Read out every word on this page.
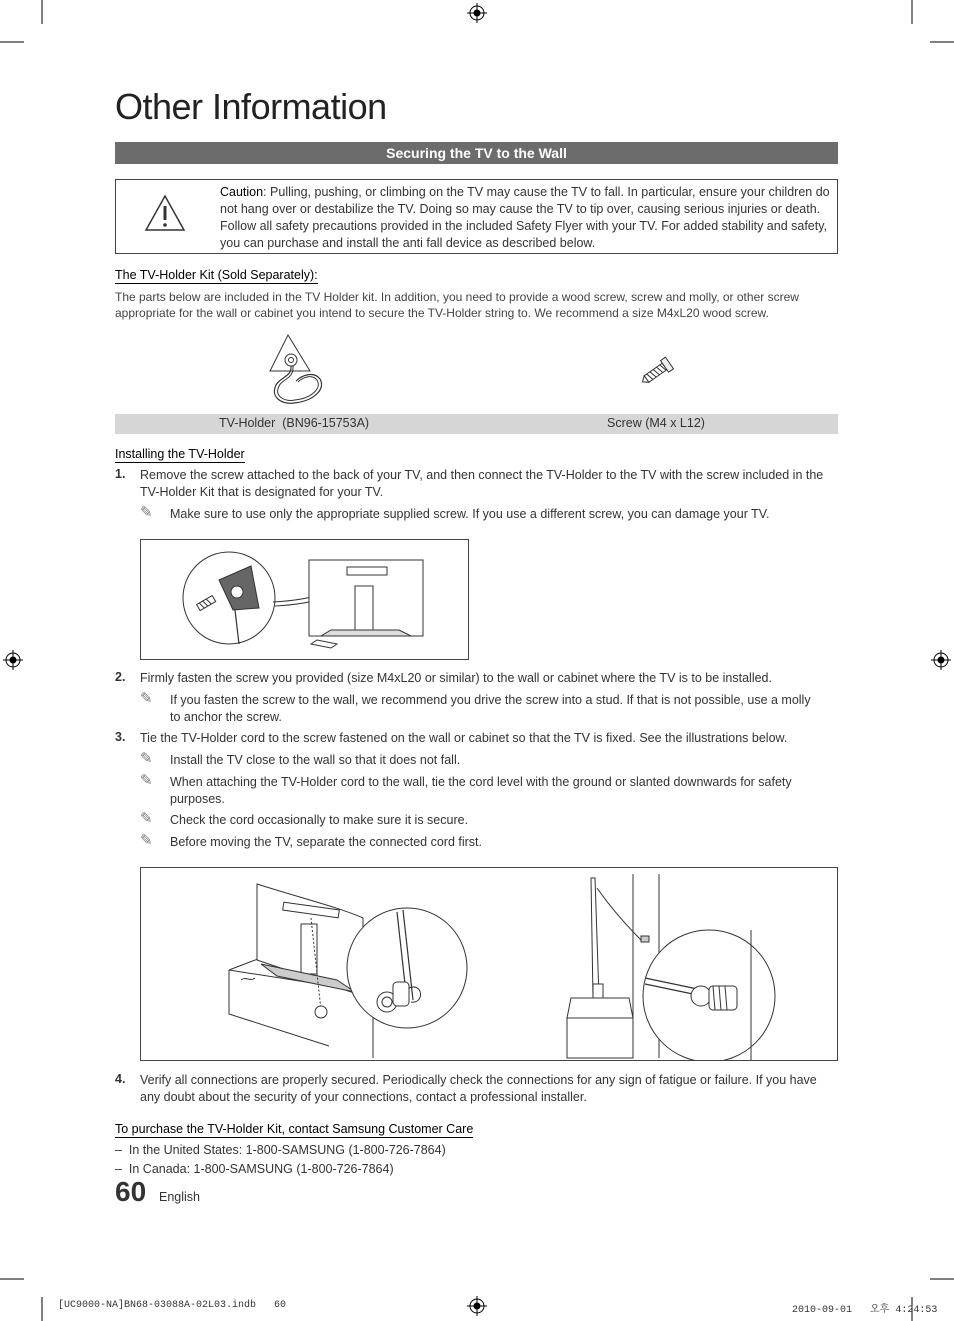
Other Information
Securing the TV to the Wall
Caution: Pulling, pushing, or climbing on the TV may cause the TV to fall. In particular, ensure your children do not hang over or destabilize the TV. Doing so may cause the TV to tip over, causing serious injuries or death. Follow all safety precautions provided in the included Safety Flyer with your TV. For added stability and safety, you can purchase and install the anti fall device as described below.
The TV-Holder Kit (Sold Separately):
The parts below are included in the TV Holder kit. In addition, you need to provide a wood screw, screw and molly, or other screw appropriate for the wall or cabinet you intend to secure the TV-Holder string to. We recommend a size M4xL20 wood screw.
TV-Holder  (BN96-15753A)	Screw (M4 x L12)
Installing the TV-Holder
1. Remove the screw attached to the back of your TV, and then connect the TV-Holder to the TV with the screw included in the TV-Holder Kit that is designated for your TV.
✎ Make sure to use only the appropriate supplied screw. If you use a different screw, you can damage your TV.
2. Firmly fasten the screw you provided (size M4xL20 or similar) to the wall or cabinet where the TV is to be installed.
✎ If you fasten the screw to the wall, we recommend you drive the screw into a stud. If that is not possible, use a molly to anchor the screw.
3. Tie the TV-Holder cord to the screw fastened on the wall or cabinet so that the TV is fixed. See the illustrations below.
✎ Install the TV close to the wall so that it does not fall.
✎ When attaching the TV-Holder cord to the wall, tie the cord level with the ground or slanted downwards for safety purposes.
✎ Check the cord occasionally to make sure it is secure.
✎ Before moving the TV, separate the connected cord first.
4. Verify all connections are properly secured. Periodically check the connections for any sign of fatigue or failure. If you have any doubt about the security of your connections, contact a professional installer.
To purchase the TV-Holder Kit, contact Samsung Customer Care
–  In the United States: 1-800-SAMSUNG (1-800-726-7864)
–  In Canada: 1-800-SAMSUNG (1-800-726-7864)
60 English
[UC9000-NA]BN68-03088A-02L03.indb   60	2010-09-01   오후 4:24:53
